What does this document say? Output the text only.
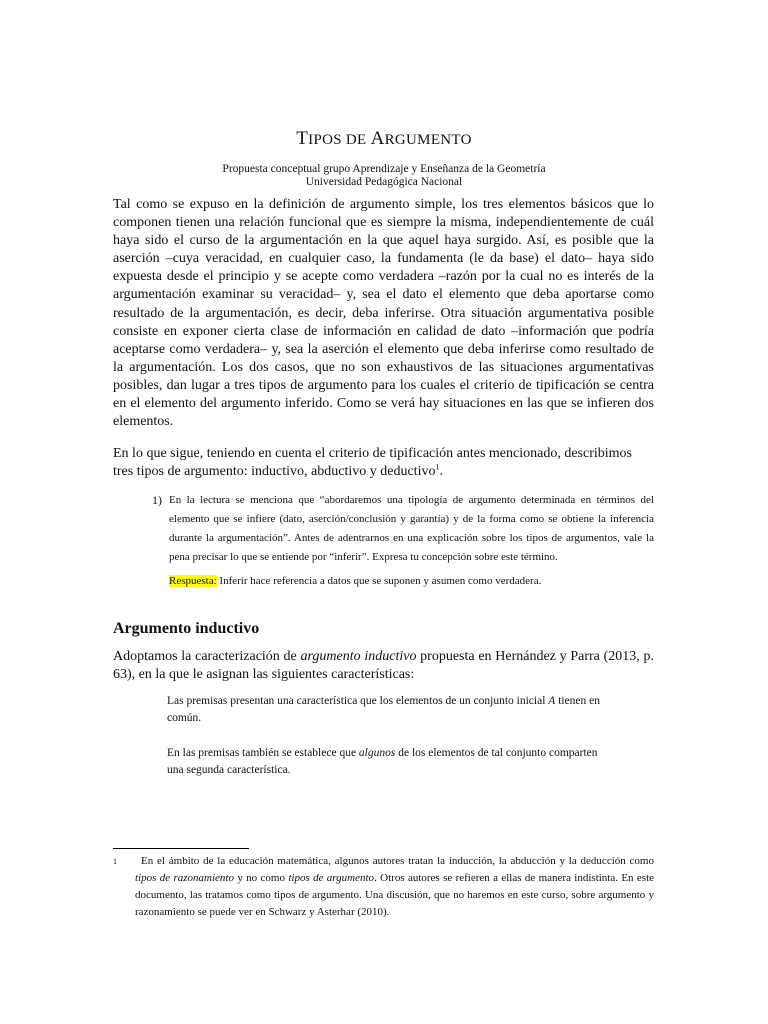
TIPOS DE ARGUMENTO
Propuesta conceptual grupo Aprendizaje y Enseñanza de la Geometría
Universidad Pedagógica Nacional

Tal como se expuso en la definición de argumento simple, los tres elementos básicos que lo componen tienen una relación funcional que es siempre la misma, independientemente de cuál haya sido el curso de la argumentación en la que aquel haya surgido. Así, es posible que la aserción –cuya veracidad, en cualquier caso, la fundamenta (le da base) el dato– haya sido expuesta desde el principio y se acepte como verdadera –razón por la cual no es interés de la argumentación examinar su veracidad– y, sea el dato el elemento que deba aportarse como resultado de la argumentación, es decir, deba inferirse. Otra situación argumentativa posible consiste en exponer cierta clase de información en calidad de dato –información que podría aceptarse como verdadera– y, sea la aserción el elemento que deba inferirse como resultado de la argumentación. Los dos casos, que no son exhaustivos de las situaciones argumentativas posibles, dan lugar a tres tipos de argumento para los cuales el criterio de tipificación se centra en el elemento del argumento inferido. Como se verá hay situaciones en las que se infieren dos elementos.

En lo que sigue, teniendo en cuenta el criterio de tipificación antes mencionado, describimos tres tipos de argumento: inductivo, abductivo y deductivo$^1$.

1) En la lectura se menciona que “abordaremos una tipología de argumento determinada en términos del elemento que se infiere (dato, aserción/conclusión y garantía) y de la forma como se obtiene la inferencia durante la argumentación”. Antes de adentrarnos en una explicación sobre los tipos de argumentos, vale la pena precisar lo que se entiende por “inferir”. Expresa tu concepción sobre este término.
Respuesta: Inferir hace referencia a datos que se suponen y asumen como verdadera.
Argumento inductivo

Adoptamos la caracterización de argumento inductivo propuesta en Hernández y Parra (2013, p. 63), en la que le asignan las siguientes características:

Las premisas presentan una característica que los elementos de un conjunto inicial A tienen en común.

En las premisas también se establece que algunos de los elementos de tal conjunto comparten una segunda característica.

1	En el ámbito de la educación matemática, algunos autores tratan la inducción, la abducción y la deducción como tipos de razonamiento y no como tipos de argumento. Otros autores se refieren a ellas de manera indistinta. En este documento, las tratamos como tipos de argumento. Una discusión, que no haremos en este curso, sobre argumento y razonamiento se puede ver en Schwarz y Asterhar (2010).
